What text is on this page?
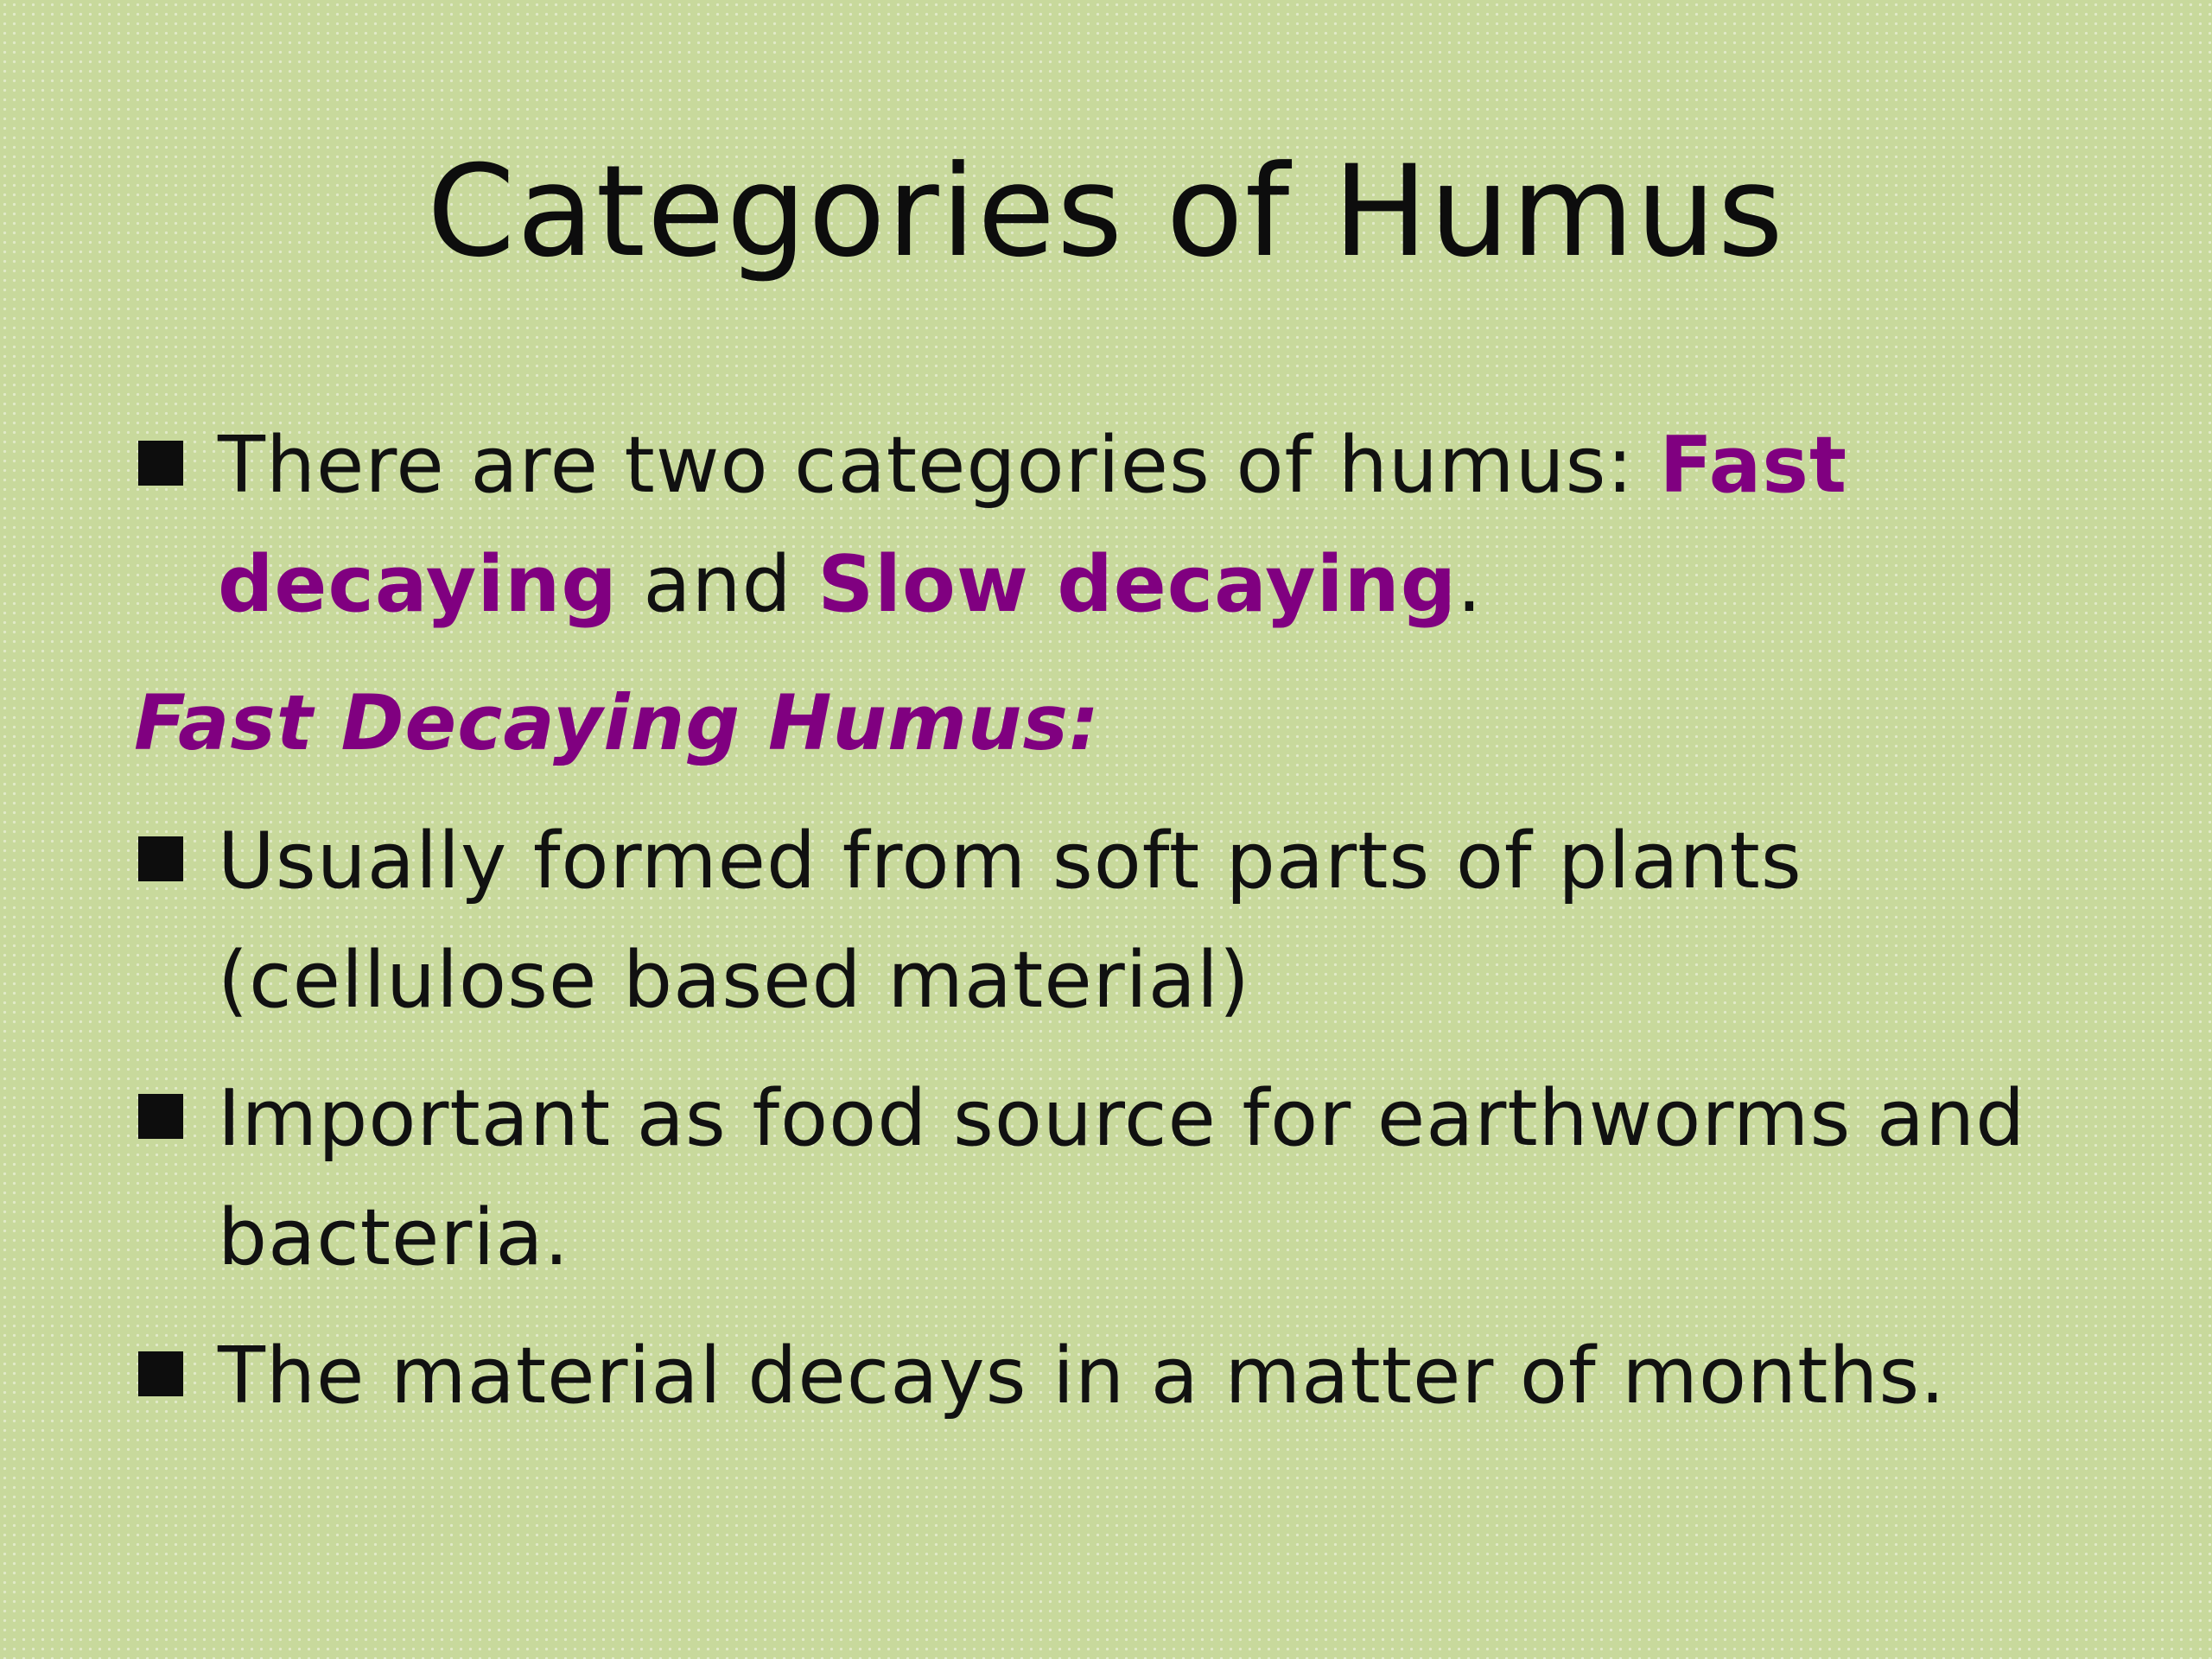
Categories of Humus
There are two categories of humus: Fast decaying and Slow decaying.
Fast Decaying Humus:
Usually formed from soft parts of plants (cellulose based material)
Important as food source for earthworms and bacteria.
The material decays in a matter of months.
